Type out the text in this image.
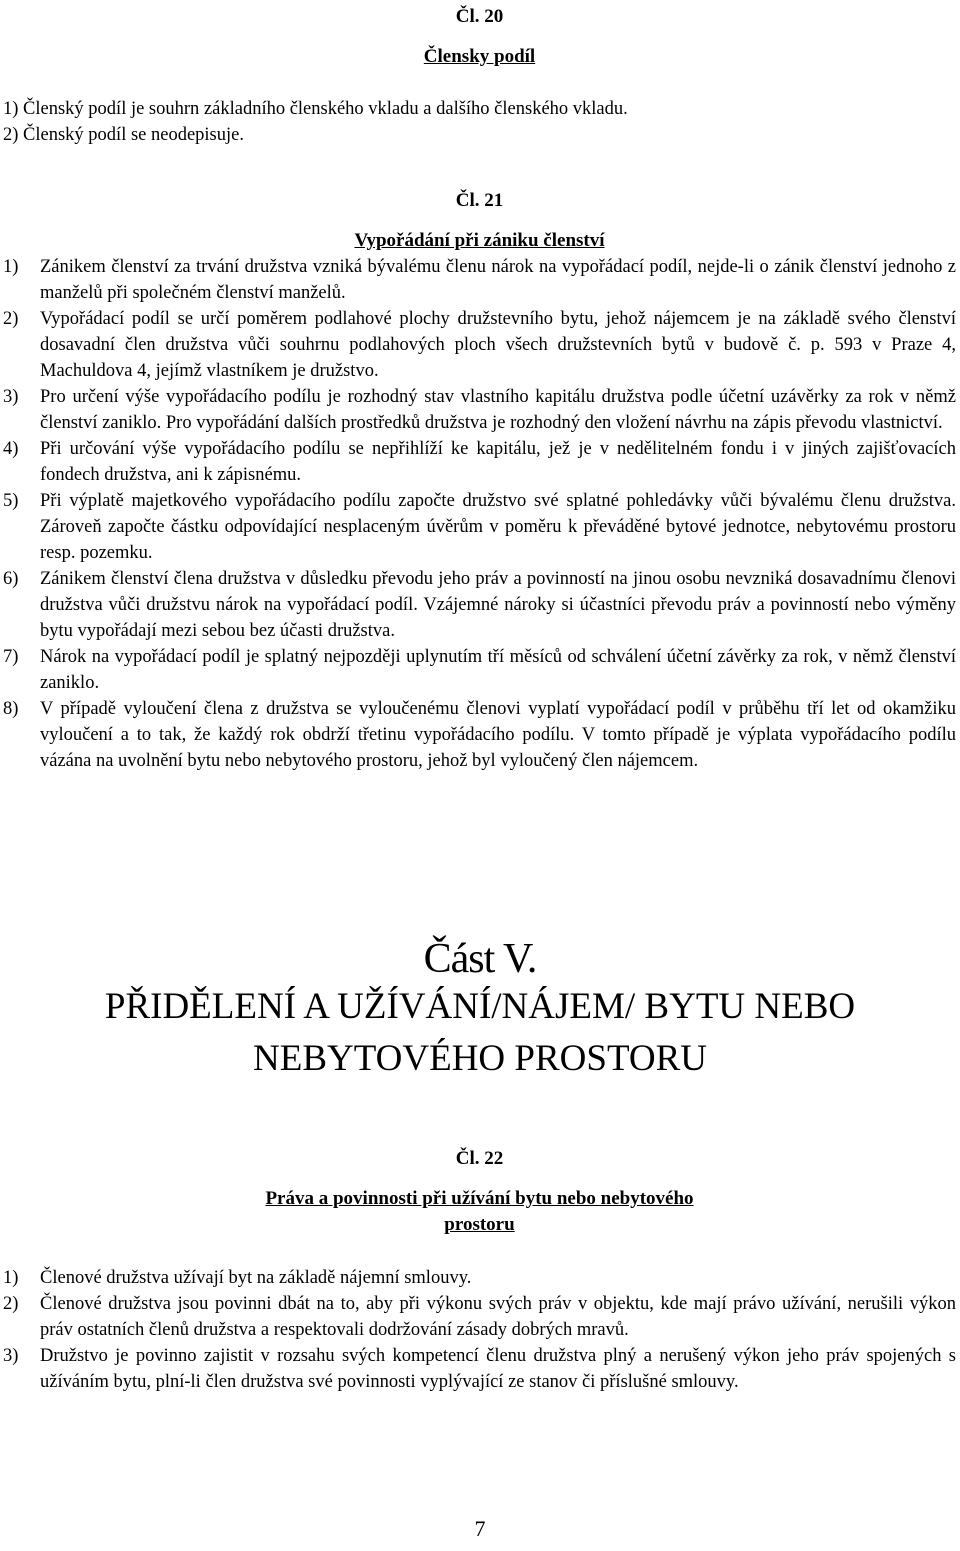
Čl. 20
Člensky podíl

1) Členský podíl je souhrn základního členského vkladu a dalšího členského vkladu.

2) Členský podíl se neodepisuje.

Čl. 21
Vypořádání při zániku členství
1) Zánikem členství za trvání družstva vzniká bývalému členu nárok na vypořádací podíl, nejde-li o zánik členství jednoho z manželů při společném členství manželů.
2) Vypořádací podíl se určí poměrem podlahové plochy družstevního bytu, jehož nájemcem je na základě svého členství dosavadní člen družstva vůči souhrnu podlahových ploch všech družstevních bytů v budově č. p. 593 v Praze 4, Machuldova 4, jejímž vlastníkem je družstvo.
3) Pro určení výše vypořádacího podílu je rozhodný stav vlastního kapitálu družstva podle účetní uzávěrky za rok v němž členství zaniklo. Pro vypořádání dalších prostředků družstva je rozhodný den vložení návrhu na zápis převodu vlastnictví.
4) Při určování výše vypořádacího podílu se nepřihlíží ke kapitálu, jež je v nedělitelném fondu i v jiných zajišťovacích fondech družstva, ani k zápisnému.
5) Při výplatě majetkového vypořádacího podílu započte družstvo své splatné pohledávky vůči bývalému členu družstva. Zároveň započte částku odpovídající nesplaceným úvěrům v poměru k převáděné bytové jednotce, nebytovému prostoru resp. pozemku.
6) Zánikem členství člena družstva v důsledku převodu jeho práv a povinností na jinou osobu nevzniká dosavadnímu členovi družstva vůči družstvu nárok na vypořádací podíl. Vzájemné nároky si účastníci převodu práv a povinností nebo výměny bytu vypořádají mezi sebou bez účasti družstva.
7) Nárok na vypořádací podíl je splatný nejpozději uplynutím tří měsíců od schválení účetní závěrky za rok, v němž členství zaniklo.
8) V případě vyloučení člena z družstva se vyloučenému členovi vyplatí vypořádací podíl v průběhu tří let od okamžiku vyloučení a to tak, že každý rok obdrží třetinu vypořádacího podílu. V tomto případě je výplata vypořádacího podílu vázána na uvolnění bytu nebo nebytového prostoru, jehož byl vyloučený člen nájemcem.
Část V.
PŘIDĚLENÍ A UŽÍVÁNÍ/NÁJEM/ BYTU NEBO
NEBYTOVÉHO PROSTORU
Čl. 22
Práva a povinnosti při užívání bytu nebo nebytového
prostoru
1) Členové družstva užívají byt na základě nájemní smlouvy.
2) Členové družstva jsou povinni dbát na to, aby při výkonu svých práv v objektu, kde mají právo užívání, nerušili výkon práv ostatních členů družstva a respektovali dodržování zásady dobrých mravů.
3) Družstvo je povinno zajistit v rozsahu svých kompetencí členu družstva plný a nerušený výkon jeho práv spojených s užíváním bytu, plní-li člen družstva své povinnosti vyplývající ze stanov či příslušné smlouvy.
7
